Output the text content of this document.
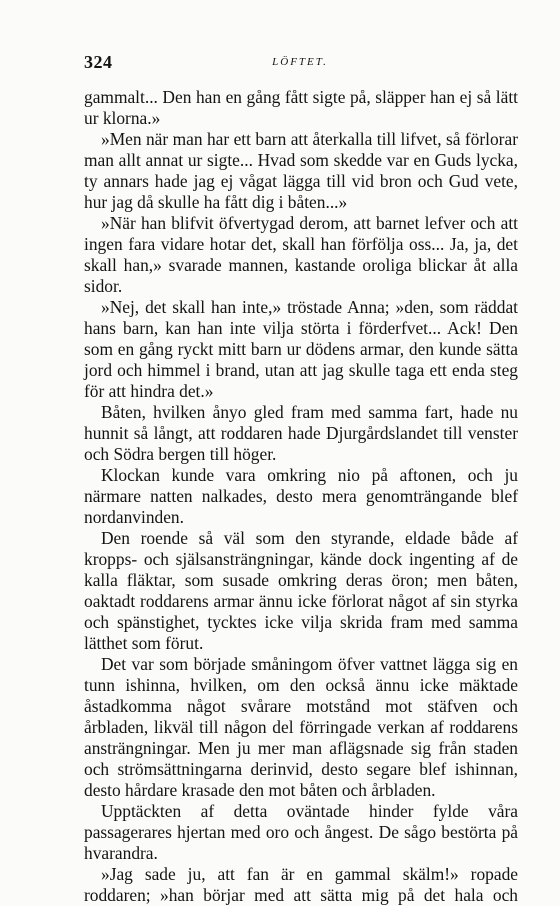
324	LÖFTET.

gammalt... Den han en gång fått sigte på, släpper han ej så lätt ur klorna.»

»Men när man har ett barn att återkalla till lifvet, så förlorar man allt annat ur sigte... Hvad som skedde var en Guds lycka, ty annars hade jag ej vågat lägga till vid bron och Gud vete, hur jag då skulle ha fått dig i båten...»

»När han blifvit öfvertygad derom, att barnet lefver och att ingen fara vidare hotar det, skall han förfölja oss... Ja, ja, det skall han,» svarade mannen, kastande oroliga blickar åt alla sidor.

»Nej, det skall han inte,» tröstade Anna; »den, som räddat hans barn, kan han inte vilja störta i förderfvet... Ack! Den som en gång ryckt mitt barn ur dödens armar, den kunde sätta jord och himmel i brand, utan att jag skulle taga ett enda steg för att hindra det.»

Båten, hvilken ånyo gled fram med samma fart, hade nu hunnit så långt, att roddaren hade Djurgårdslandet till venster och Södra bergen till höger.

Klockan kunde vara omkring nio på aftonen, och ju närmare natten nalkades, desto mera genomträngande blef nordanvinden.

Den roende så väl som den styrande, eldade både af kropps- och själsansträngningar, kände dock ingenting af de kalla fläktar, som susade omkring deras öron; men båten, oaktadt roddarens armar ännu icke förlorat något af sin styrka och spänstighet, tycktes icke vilja skrida fram med samma lätthet som förut.

Det var som började småningom öfver vattnet lägga sig en tunn ishinna, hvilken, om den också ännu icke mäktade åstadkomma något svårare motstånd mot stäfven och årbladen, likväl till någon del förringade verkan af roddarens ansträngningar. Men ju mer man aflägsnade sig från staden och strömsättningarna derinvid, desto segare blef ishinnan, desto hårdare krasade den mot båten och årbladen.

Upptäckten af detta oväntade hinder fylde våra passagerares hjertan med oro och ångest. De sågo bestörta på hvarandra.

»Jag sade ju, att fan är en gammal skälm!» ropade roddaren; »han börjar med att sätta mig på det hala och
